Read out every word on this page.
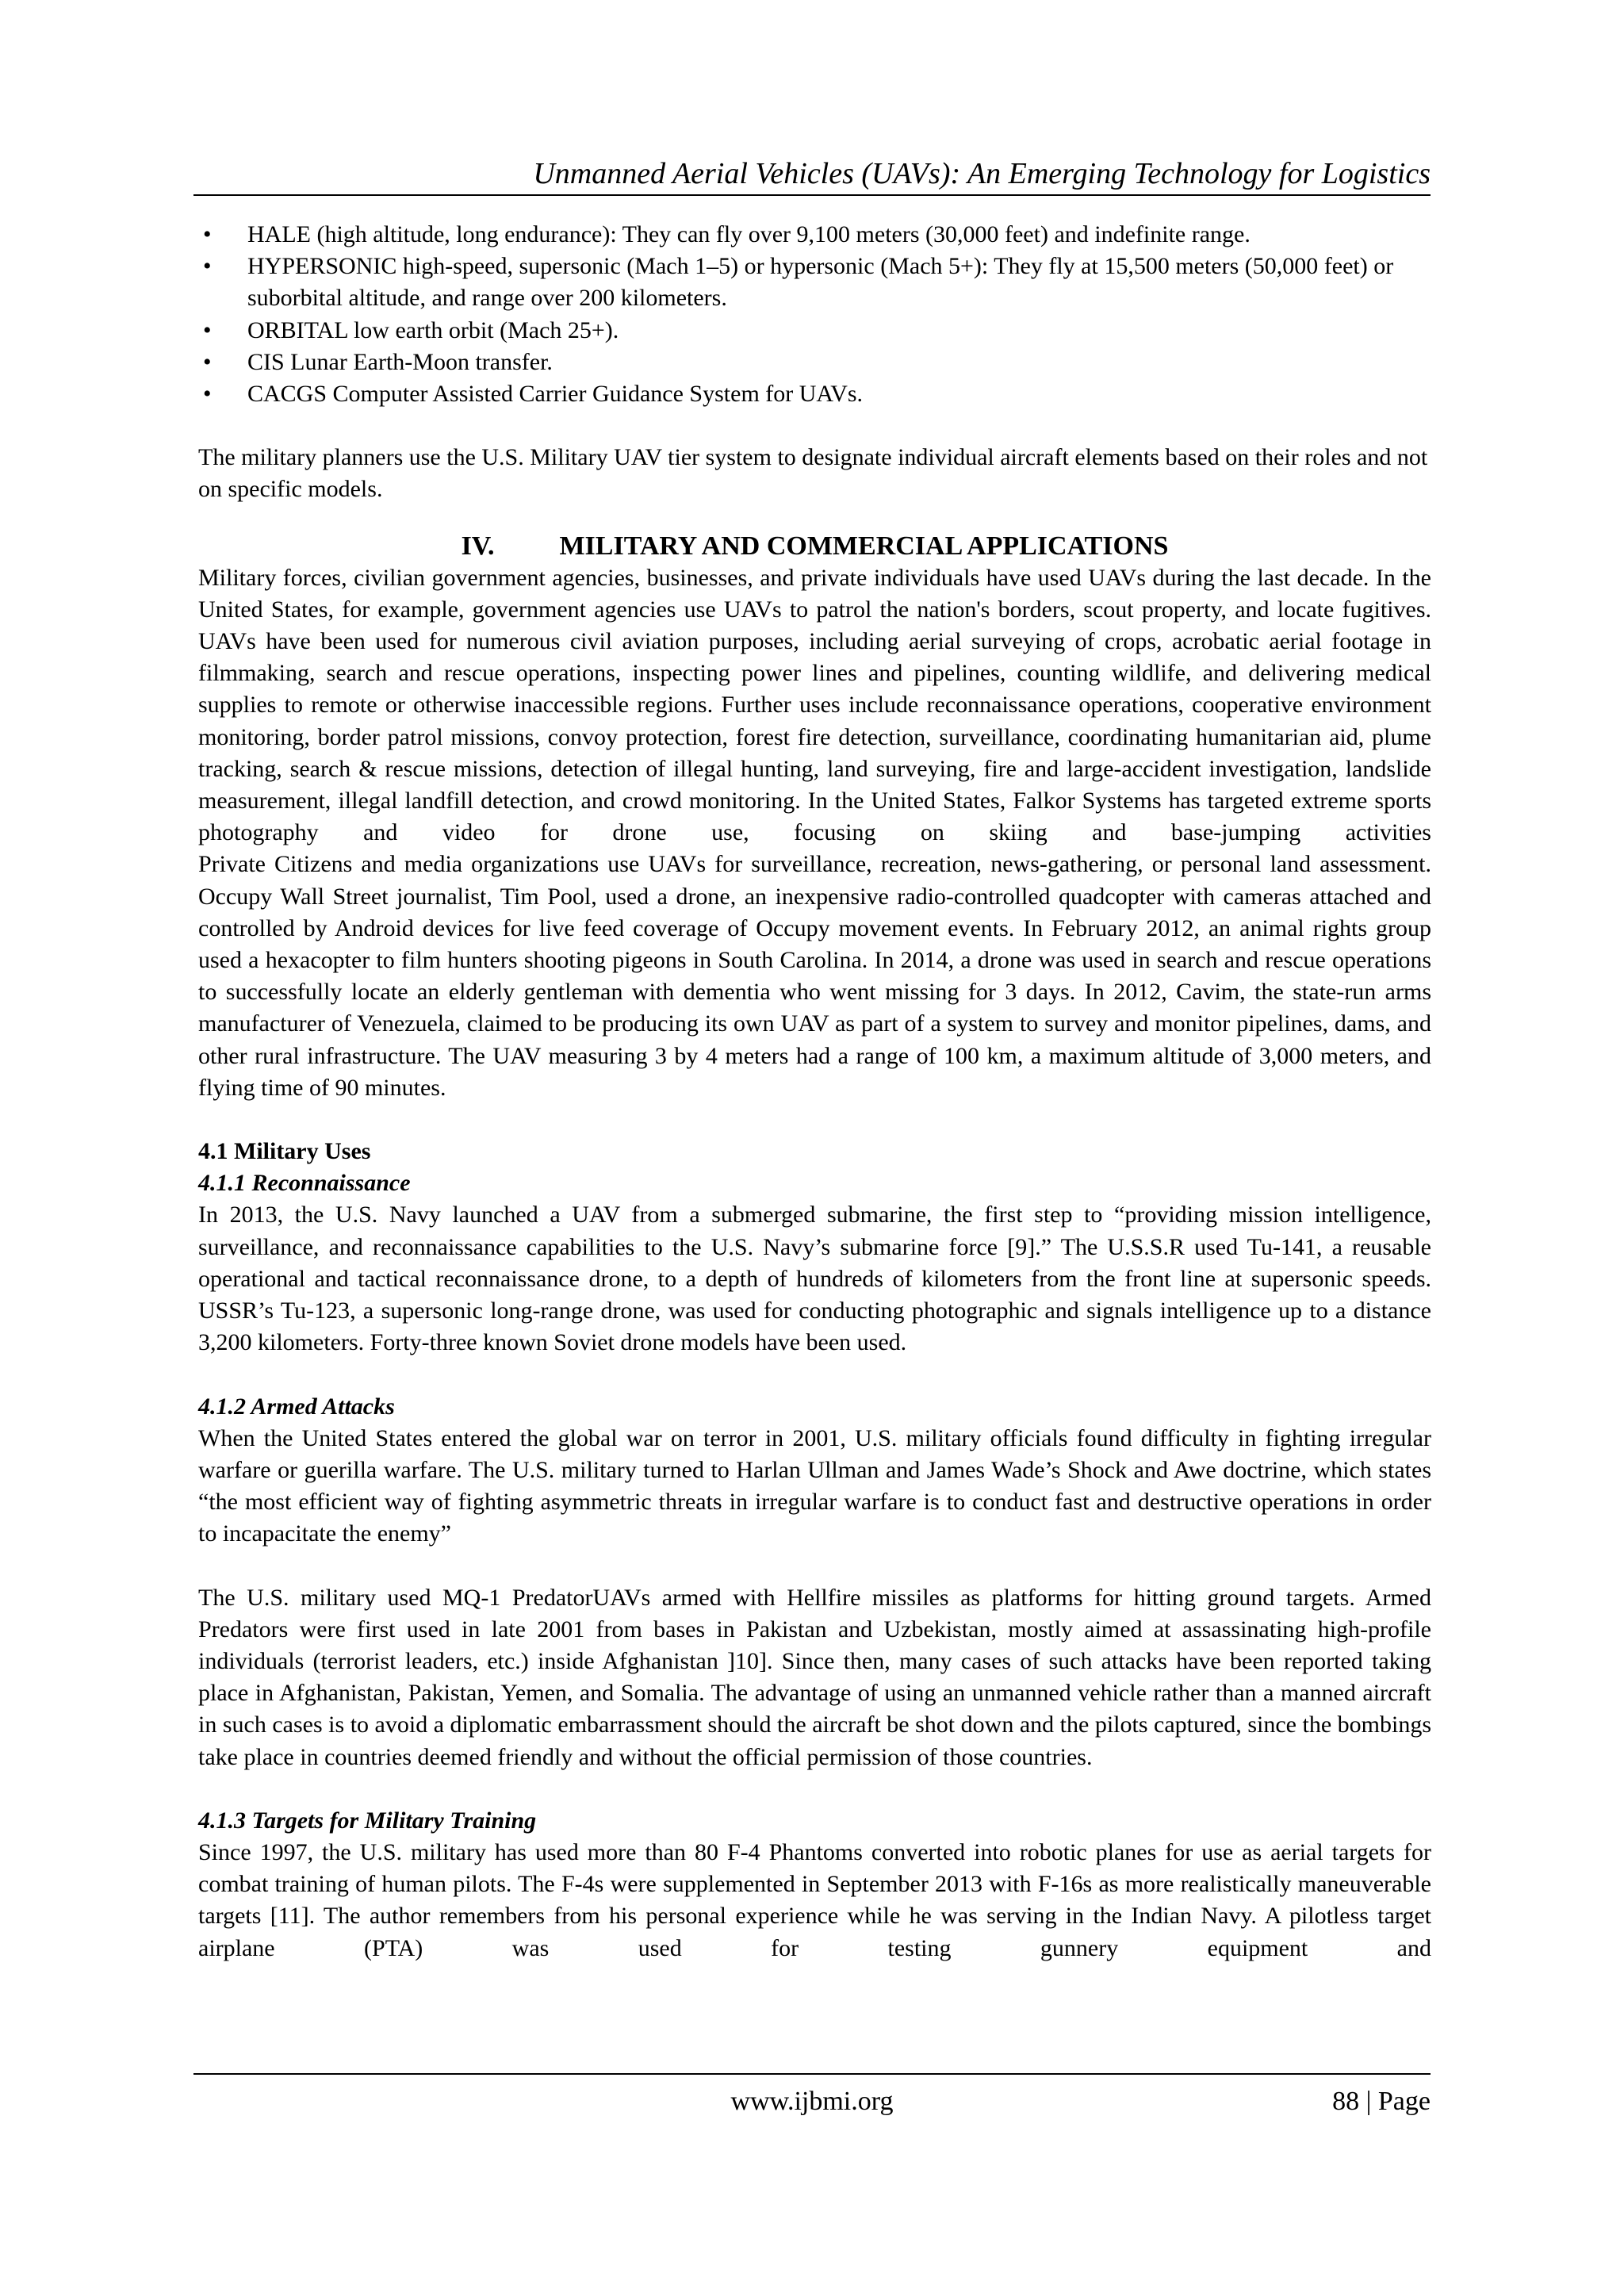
Unmanned Aerial Vehicles (UAVs): An Emerging Technology for Logistics
• HALE (high altitude, long endurance): They can fly over 9,100 meters (30,000 feet) and indefinite range.
• HYPERSONIC high-speed, supersonic (Mach 1–5) or hypersonic (Mach 5+): They fly at 15,500 meters (50,000 feet) or suborbital altitude, and range over 200 kilometers.
• ORBITAL low earth orbit (Mach 25+).
• CIS Lunar Earth-Moon transfer.
• CACGS Computer Assisted Carrier Guidance System for UAVs.

The military planners use the U.S. Military UAV tier system to designate individual aircraft elements based on their roles and not on specific models.

IV. MILITARY AND COMMERCIAL APPLICATIONS

Military forces, civilian government agencies, businesses, and private individuals have used UAVs during the last decade. In the United States, for example, government agencies use UAVs to patrol the nation's borders, scout property, and locate fugitives. UAVs have been used for numerous civil aviation purposes, including aerial surveying of crops, acrobatic aerial footage in filmmaking, search and rescue operations, inspecting power lines and pipelines, counting wildlife, and delivering medical supplies to remote or otherwise inaccessible regions. Further uses include reconnaissance operations, cooperative environment monitoring, border patrol missions, convoy protection, forest fire detection, surveillance, coordinating humanitarian aid, plume tracking, search & rescue missions, detection of illegal hunting, land surveying, fire and large-accident investigation, landslide measurement, illegal landfill detection, and crowd monitoring. In the United States, Falkor Systems has targeted extreme sports photography and video for drone use, focusing on skiing and base-jumping activities

Private Citizens and media organizations use UAVs for surveillance, recreation, news-gathering, or personal land assessment. Occupy Wall Street journalist, Tim Pool, used a drone, an inexpensive radio-controlled quadcopter with cameras attached and controlled by Android devices for live feed coverage of Occupy movement events. In February 2012, an animal rights group used a hexacopter to film hunters shooting pigeons in South Carolina. In 2014, a drone was used in search and rescue operations to successfully locate an elderly gentleman with dementia who went missing for 3 days. In 2012, Cavim, the state-run arms manufacturer of Venezuela, claimed to be producing its own UAV as part of a system to survey and monitor pipelines, dams, and other rural infrastructure. The UAV measuring 3 by 4 meters had a range of 100 km, a maximum altitude of 3,000 meters, and flying time of 90 minutes.

4.1 Military Uses
4.1.1 Reconnaissance

In 2013, the U.S. Navy launched a UAV from a submerged submarine, the first step to “providing mission intelligence, surveillance, and reconnaissance capabilities to the U.S. Navy’s submarine force [9].” The U.S.S.R used Tu-141, a reusable operational and tactical reconnaissance drone, to a depth of hundreds of kilometers from the front line at supersonic speeds. USSR’s Tu-123, a supersonic long-range drone, was used for conducting photographic and signals intelligence up to a distance 3,200 kilometers. Forty-three known Soviet drone models have been used.

4.1.2 Armed Attacks

When the United States entered the global war on terror in 2001, U.S. military officials found difficulty in fighting irregular warfare or guerilla warfare. The U.S. military turned to Harlan Ullman and James Wade’s Shock and Awe doctrine, which states “the most efficient way of fighting asymmetric threats in irregular warfare is to conduct fast and destructive operations in order to incapacitate the enemy”

The U.S. military used MQ-1 PredatorUAVs armed with Hellfire missiles as platforms for hitting ground targets. Armed Predators were first used in late 2001 from bases in Pakistan and Uzbekistan, mostly aimed at assassinating high-profile individuals (terrorist leaders, etc.) inside Afghanistan ]10]. Since then, many cases of such attacks have been reported taking place in Afghanistan, Pakistan, Yemen, and Somalia. The advantage of using an unmanned vehicle rather than a manned aircraft in such cases is to avoid a diplomatic embarrassment should the aircraft be shot down and the pilots captured, since the bombings take place in countries deemed friendly and without the official permission of those countries.

4.1.3 Targets for Military Training

Since 1997, the U.S. military has used more than 80 F-4 Phantoms converted into robotic planes for use as aerial targets for combat training of human pilots. The F-4s were supplemented in September 2013 with F-16s as more realistically maneuverable targets [11]. The author remembers from his personal experience while he was serving in the Indian Navy. A pilotless target airplane (PTA) was used for testing gunnery equipment and

www.ijbmi.org	88 | Page
